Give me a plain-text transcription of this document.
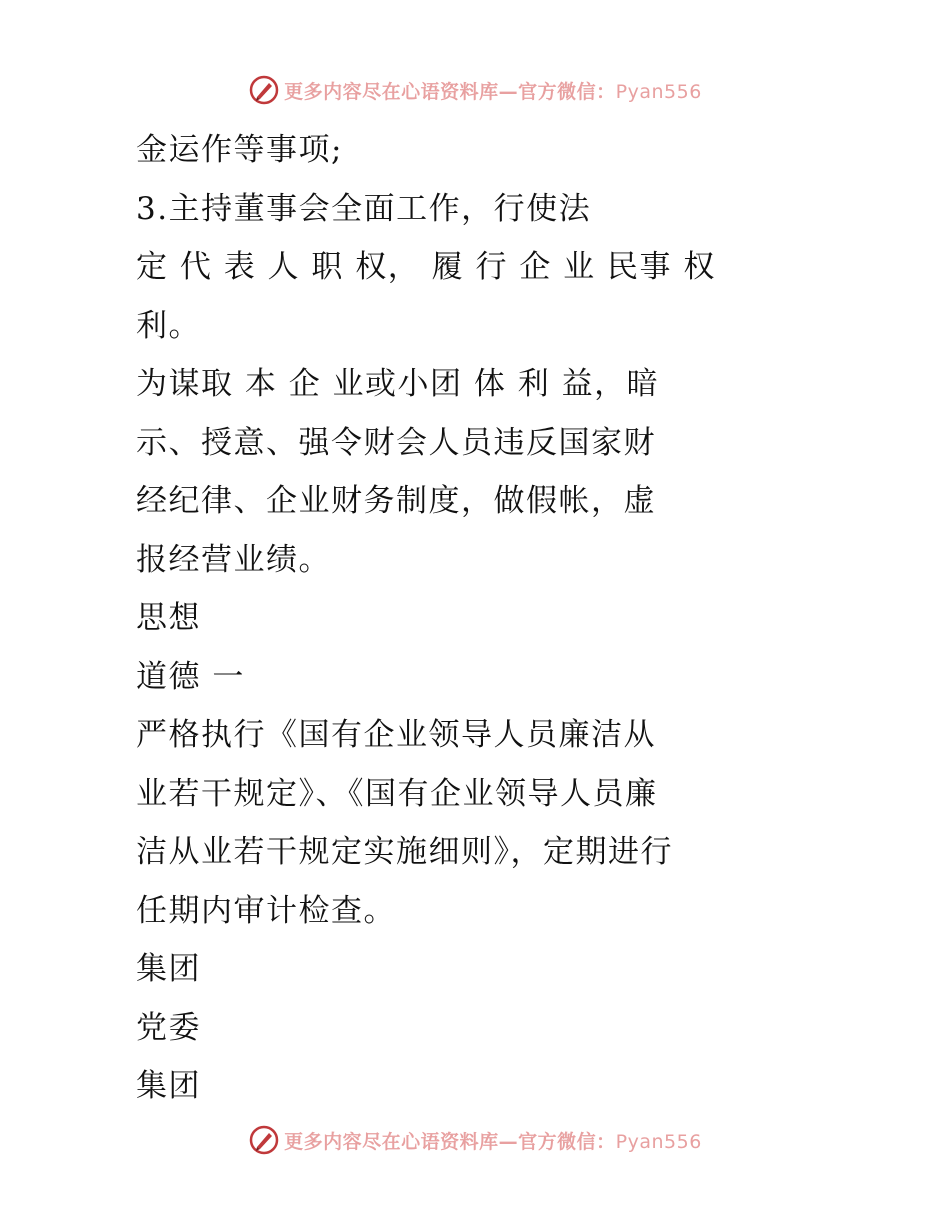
更多内容尽在心语资料库—官方微信：Pyan556
金运作等事项;
3.主持董事会全面工作，行使法
定 代 表 人 职 权， 履 行 企 业 民事 权
利。
为谋取 本 企 业或小团 体 利 益，暗
示、授意、强令财会人员违反国家财
经纪律、企业财务制度，做假帐，虚
报经营业绩。
思想
道德 一
严格执行《国有企业领导人员廉洁从
业若干规定》、《国有企业领导人员廉
洁从业若干规定实施细则》，定期进行
任期内审计检查。
集团
党委
集团
更多内容尽在心语资料库—官方微信：Pyan556
